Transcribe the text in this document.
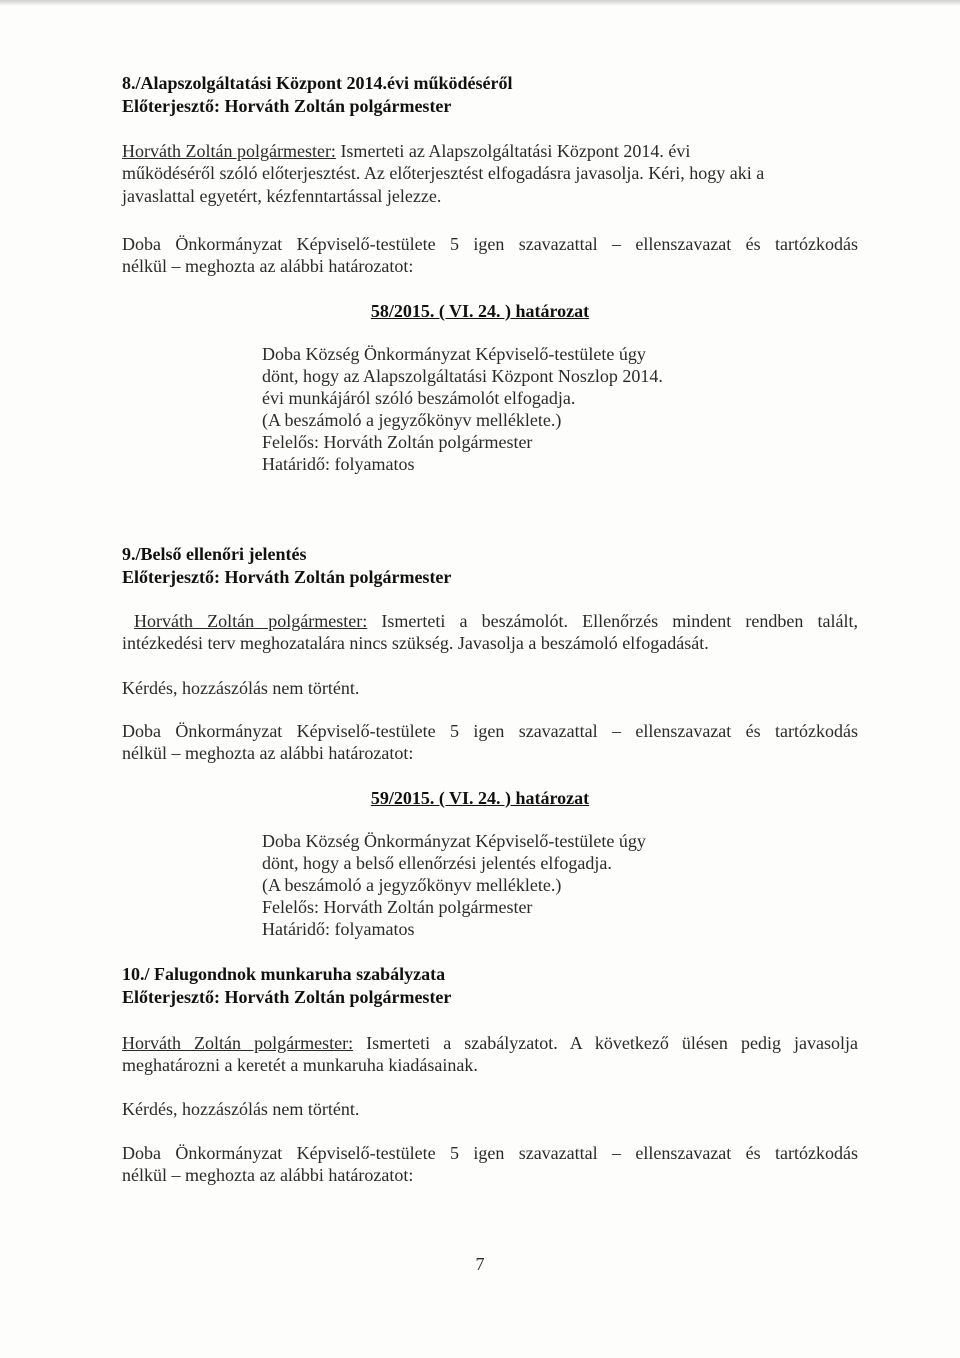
8./Alapszolgáltatási Központ 2014.évi működéséről
Előterjesztő: Horváth Zoltán polgármester
Horváth Zoltán polgármester: Ismerteti az Alapszolgáltatási Központ 2014. évi
működéséről szóló előterjesztést. Az előterjesztést elfogadásra javasolja. Kéri, hogy aki a
javaslattal egyetért, kézfenntartással jelezze.
Doba Önkormányzat Képviselő-testülete 5 igen szavazattal – ellenszavazat és tartózkodás
nélkül – meghozta az alábbi határozatot:
58/2015. ( VI. 24. ) határozat
Doba Község Önkormányzat Képviselő-testülete úgy
dönt, hogy az Alapszolgáltatási Központ Noszlop 2014.
évi munkájáról szóló beszámolót elfogadja.
(A beszámoló a jegyzőkönyv melléklete.)
Felelős: Horváth Zoltán polgármester
Határidő: folyamatos
9./Belső ellenőri jelentés
Előterjesztő: Horváth Zoltán polgármester
Horváth Zoltán polgármester: Ismerteti a beszámolót. Ellenőrzés mindent rendben talált,
intézkedési terv meghozatalára nincs szükség. Javasolja a beszámoló elfogadását.
Kérdés, hozzászólás nem történt.
Doba Önkormányzat Képviselő-testülete 5 igen szavazattal – ellenszavazat és tartózkodás
nélkül – meghozta az alábbi határozatot:
59/2015. ( VI. 24. ) határozat
Doba Község Önkormányzat Képviselő-testülete úgy
dönt, hogy a belső ellenőrzési jelentés elfogadja.
(A beszámoló a jegyzőkönyv melléklete.)
Felelős: Horváth Zoltán polgármester
Határidő: folyamatos
10./ Falugondnok munkaruha szabályzata
Előterjesztő: Horváth Zoltán polgármester
Horváth Zoltán polgármester: Ismerteti a szabályzatot. A következő ülésen pedig javasolja
meghatározni a keretét a munkaruha kiadásainak.
Kérdés, hozzászólás nem történt.
Doba Önkormányzat Képviselő-testülete 5 igen szavazattal – ellenszavazat és tartózkodás
nélkül – meghozta az alábbi határozatot:
7
